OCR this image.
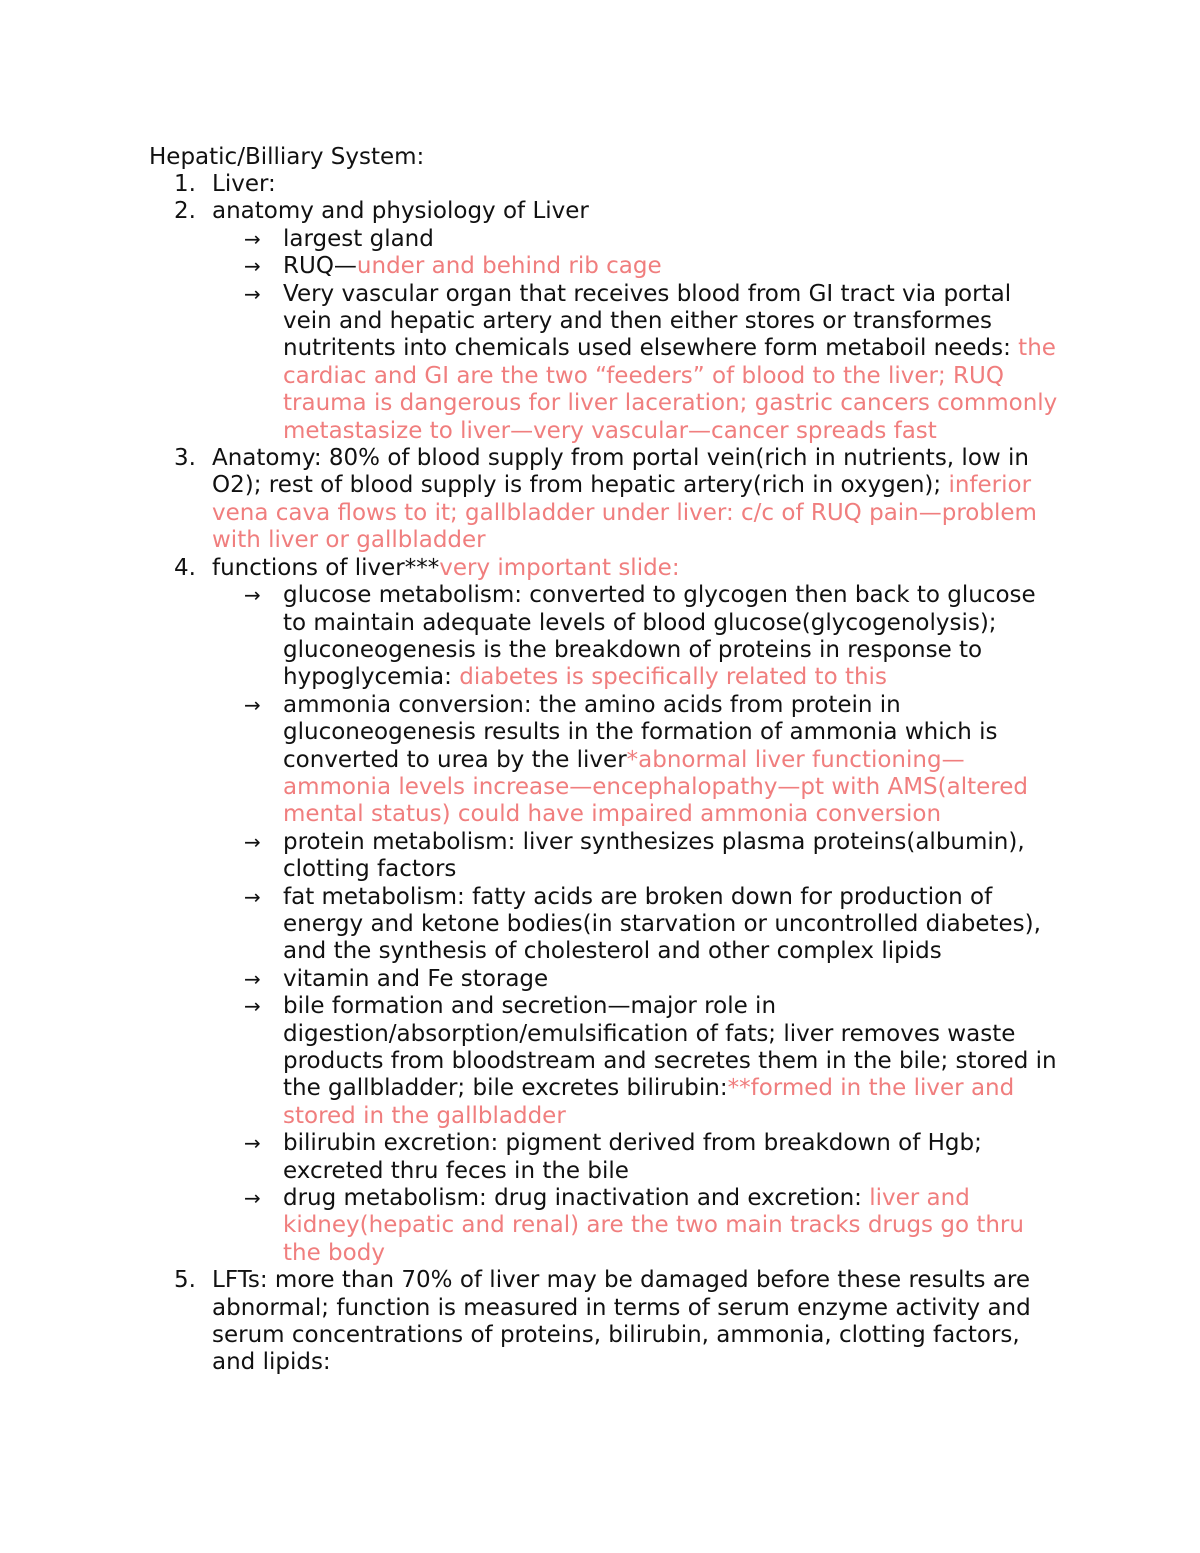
Hepatic/Billiary System:
1. Liver:
2. anatomy and physiology of Liver
→ largest gland
→ RUQ—under and behind rib cage
→ Very vascular organ that receives blood from GI tract via portal vein and hepatic artery and then either stores or transformes nutritents into chemicals used elsewhere form metaboil needs: the cardiac and GI are the two “feeders” of blood to the liver; RUQ trauma is dangerous for liver laceration; gastric cancers commonly metastasize to liver—very vascular—cancer spreads fast
3. Anatomy: 80% of blood supply from portal vein(rich in nutrients, low in O2); rest of blood supply is from hepatic artery(rich in oxygen); inferior vena cava flows to it; gallbladder under liver: c/c of RUQ pain—problem with liver or gallbladder
4. functions of liver***very important slide:
→ glucose metabolism: converted to glycogen then back to glucose to maintain adequate levels of blood glucose(glycogenolysis); gluconeogenesis is the breakdown of proteins in response to hypoglycemia: diabetes is specifically related to this
→ ammonia conversion: the amino acids from protein in gluconeogenesis results in the formation of ammonia which is converted to urea by the liver*abnormal liver functioning—ammonia levels increase—encephalopathy—pt with AMS(altered mental status) could have impaired ammonia conversion
→ protein metabolism: liver synthesizes plasma proteins(albumin), clotting factors
→ fat metabolism: fatty acids are broken down for production of energy and ketone bodies(in starvation or uncontrolled diabetes), and the synthesis of cholesterol and other complex lipids
→ vitamin and Fe storage
→ bile formation and secretion—major role in digestion/absorption/emulsification of fats; liver removes waste products from bloodstream and secretes them in the bile; stored in the gallbladder; bile excretes bilirubin:**formed in the liver and stored in the gallbladder
→ bilirubin excretion: pigment derived from breakdown of Hgb; excreted thru feces in the bile
→ drug metabolism: drug inactivation and excretion: liver and kidney(hepatic and renal) are the two main tracks drugs go thru the body
5. LFTs: more than 70% of liver may be damaged before these results are abnormal; function is measured in terms of serum enzyme activity and serum concentrations of proteins, bilirubin, ammonia, clotting factors, and lipids:
